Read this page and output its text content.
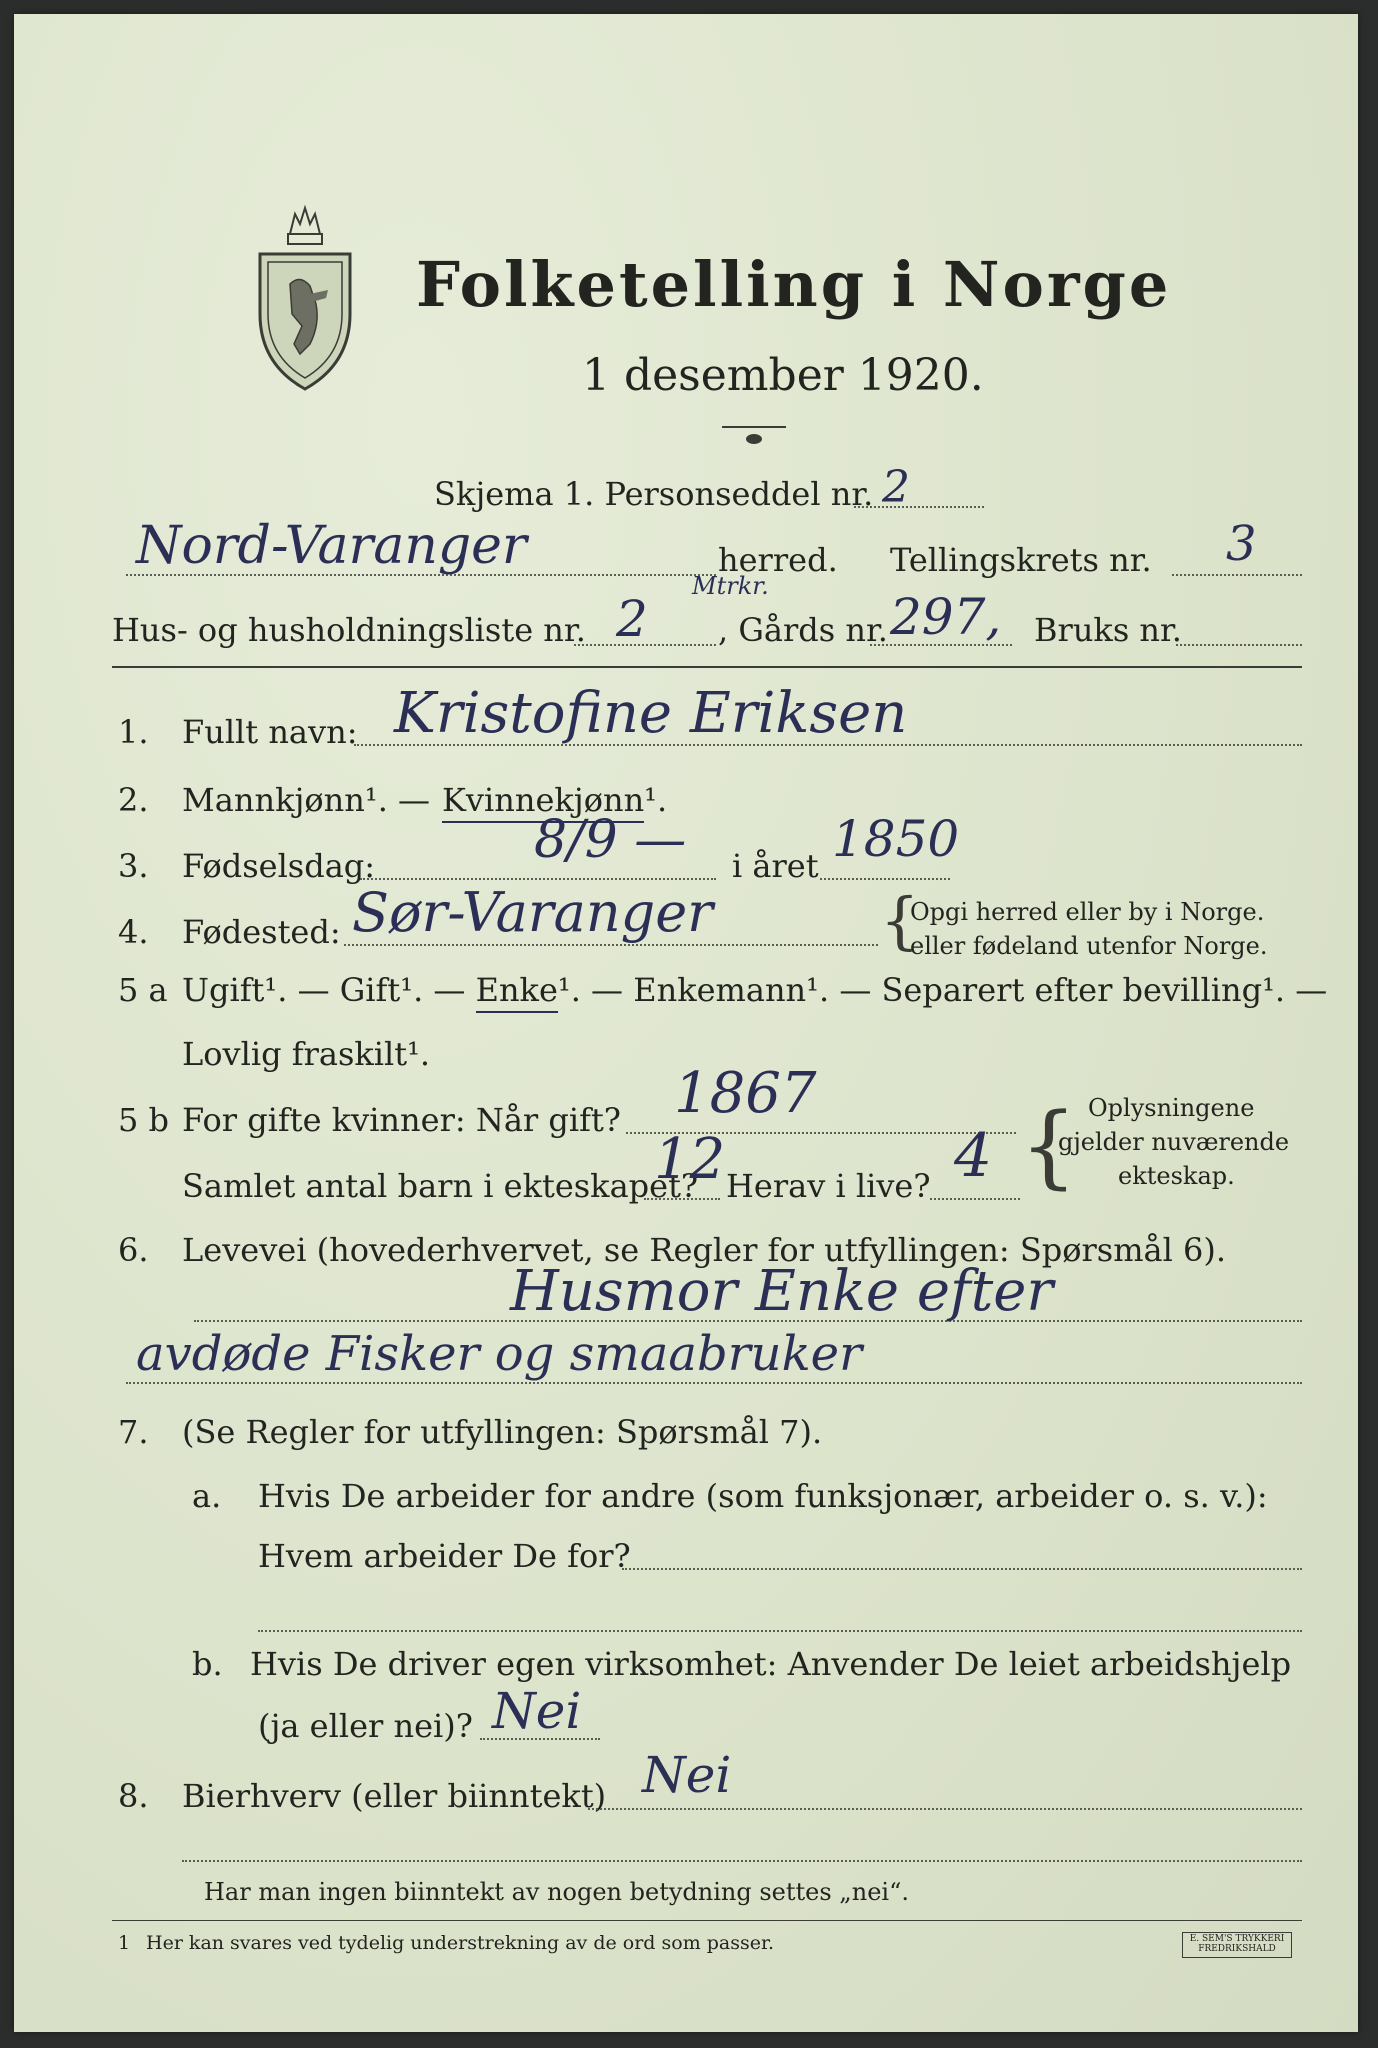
Folketelling i Norge
1 desember 1920.
Skjema 1. Personseddel nr. 2
Nord-Varanger	herred. Tellingskrets nr. 3
Hus- og husholdningsliste nr. 2
Mtrkr.
, Gårds nr. 297, Bruks nr.
1. Fullt navn: Kristofine Eriksen
2. Mannkjønn¹. — Kvinnekjønn¹.
3. Fødselsdag:	8/9 — i året 1850
4. Fødested: Sør-Varanger	{
Opgi herred eller by i Norge.
eller fødeland utenfor Norge.
5 a Ugift¹. — Gift¹. — Enke¹. — Enkemann¹. — Separert efter bevilling¹. —
Lovlig fraskilt¹.
5 b For gifte kvinner: Når gift? 1867
Samlet antal barn i ekteskapet?
12 Herav i live? 4 { Oplysningene
gjelder nuværende
ekteskap.
6. Levevei (hovederhvervet, se Regler for utfyllingen: Spørsmål 6).
Husmor Enke efter
avdøde Fisker og smaabruker
7. (Se Regler for utfyllingen: Spørsmål 7).
a. Hvis De arbeider for andre (som funksjonær, arbeider o. s. v.):
Hvem arbeider De for?
b. Hvis De driver egen virksomhet: Anvender De leiet arbeidshjelp
(ja eller nei)? Nei
8. Bierhverv (eller biinntekt) Nei
Har man ingen biinntekt av nogen betydning settes „nei“.
1 Her kan svares ved tydelig understrekning av de ord som passer.	E. SEM'S TRYKKERI
FREDRIKSHALD
